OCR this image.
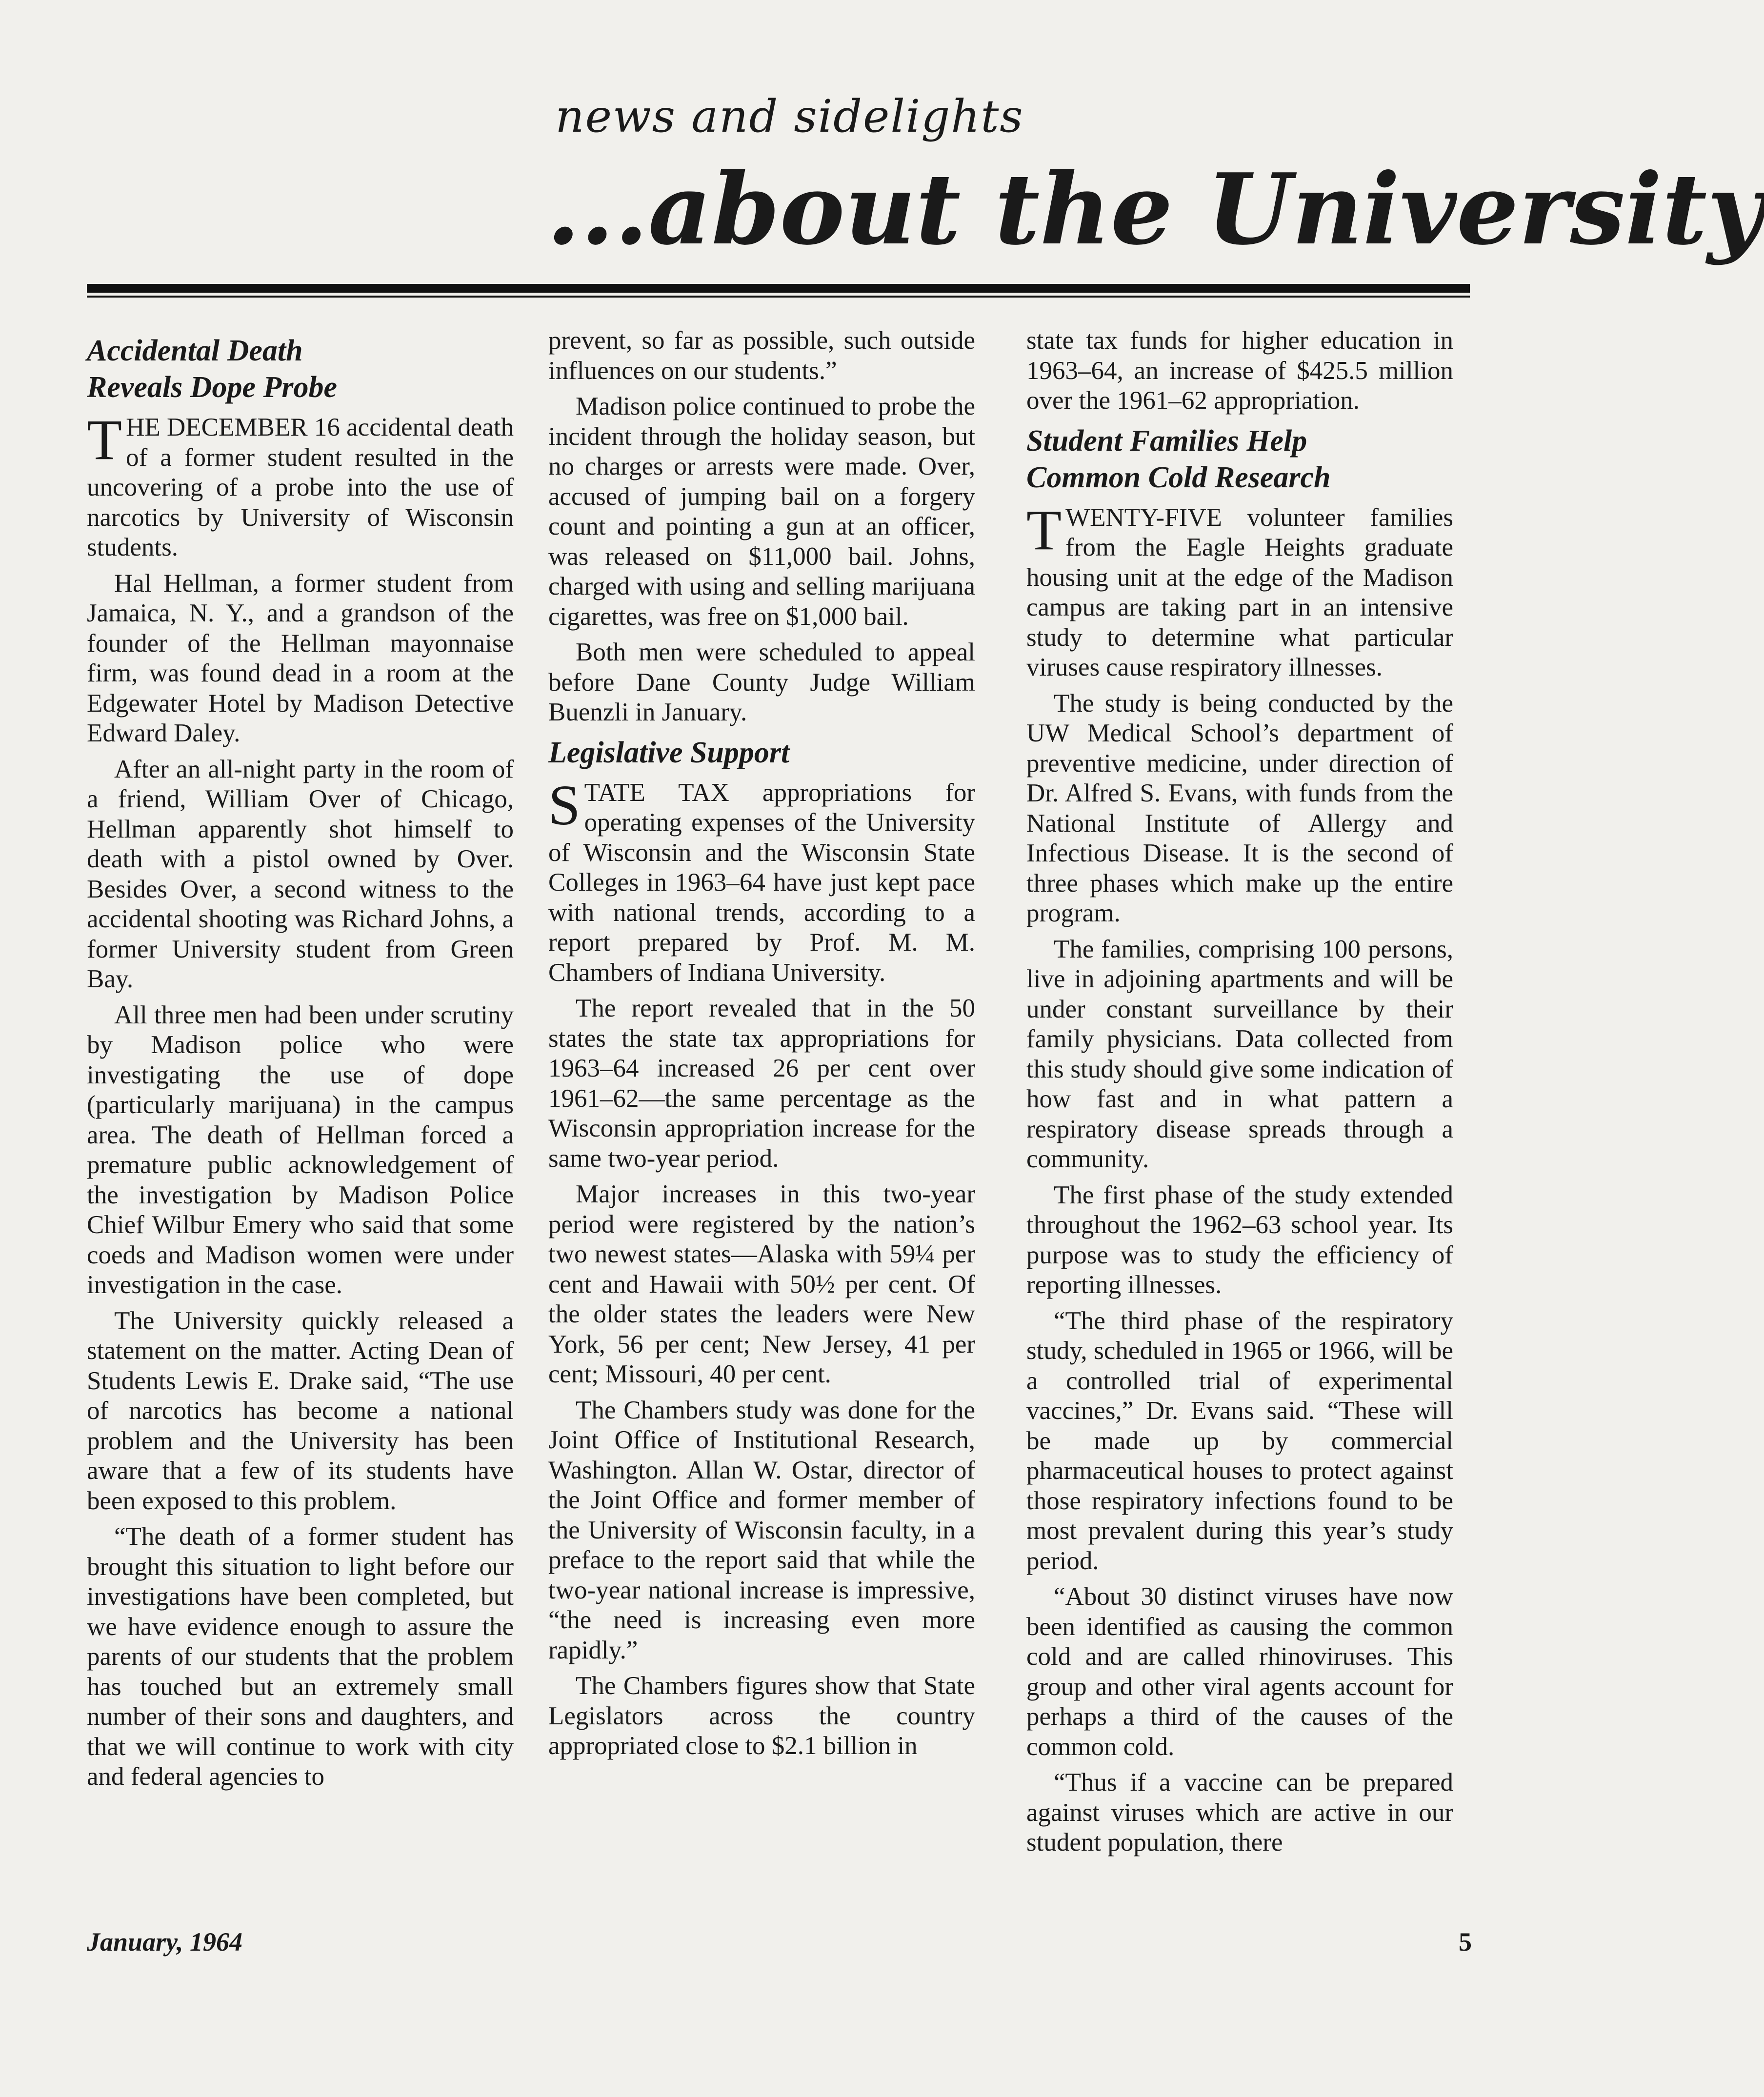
news and sidelights
...about the University
Accidental Death
Reveals Dope Probe

THE DECEMBER 16 accidental death of a former student resulted in the uncovering of a probe into the use of narcotics by University of Wisconsin students.

Hal Hellman, a former student from Jamaica, N. Y., and a grandson of the founder of the Hellman mayonnaise firm, was found dead in a room at the Edgewater Hotel by Madison Detective Edward Daley.

After an all-night party in the room of a friend, William Over of Chicago, Hellman apparently shot himself to death with a pistol owned by Over. Besides Over, a second witness to the accidental shooting was Richard Johns, a former University student from Green Bay.

All three men had been under scrutiny by Madison police who were investigating the use of dope (particularly marijuana) in the campus area. The death of Hellman forced a premature public acknowledgement of the investigation by Madison Police Chief Wilbur Emery who said that some coeds and Madison women were under investigation in the case.

The University quickly released a statement on the matter. Acting Dean of Students Lewis E. Drake said, “The use of narcotics has become a national problem and the University has been aware that a few of its students have been exposed to this problem.

“The death of a former student has brought this situation to light before our investigations have been completed, but we have evidence enough to assure the parents of our students that the problem has touched but an extremely small number of their sons and daughters, and that we will continue to work with city and federal agencies to

prevent, so far as possible, such outside influences on our students.”

Madison police continued to probe the incident through the holiday season, but no charges or arrests were made. Over, accused of jumping bail on a forgery count and pointing a gun at an officer, was released on $11,000 bail. Johns, charged with using and selling marijuana cigarettes, was free on $1,000 bail.

Both men were scheduled to appeal before Dane County Judge William Buenzli in January.

Legislative Support

STATE TAX appropriations for operating expenses of the University of Wisconsin and the Wisconsin State Colleges in 1963–64 have just kept pace with national trends, according to a report prepared by Prof. M. M. Chambers of Indiana University.

The report revealed that in the 50 states the state tax appropriations for 1963–64 increased 26 per cent over 1961–62—the same percentage as the Wisconsin appropriation increase for the same two-year period.

Major increases in this two-year period were registered by the nation’s two newest states—Alaska with 59¼ per cent and Hawaii with 50½ per cent. Of the older states the leaders were New York, 56 per cent; New Jersey, 41 per cent; Missouri, 40 per cent.

The Chambers study was done for the Joint Office of Institutional Research, Washington. Allan W. Ostar, director of the Joint Office and former member of the University of Wisconsin faculty, in a preface to the report said that while the two-year national increase is impressive, “the need is increasing even more rapidly.”

The Chambers figures show that State Legislators across the country appropriated close to $2.1 billion in

state tax funds for higher education in 1963–64, an increase of $425.5 million over the 1961–62 appropriation.

Student Families Help
Common Cold Research

TWENTY-FIVE volunteer families from the Eagle Heights graduate housing unit at the edge of the Madison campus are taking part in an intensive study to determine what particular viruses cause respiratory illnesses.

The study is being conducted by the UW Medical School’s department of preventive medicine, under direction of Dr. Alfred S. Evans, with funds from the National Institute of Allergy and Infectious Disease. It is the second of three phases which make up the entire program.

The families, comprising 100 persons, live in adjoining apartments and will be under constant surveillance by their family physicians. Data collected from this study should give some indication of how fast and in what pattern a respiratory disease spreads through a community.

The first phase of the study extended throughout the 1962–63 school year. Its purpose was to study the efficiency of reporting illnesses.

“The third phase of the respiratory study, scheduled in 1965 or 1966, will be a controlled trial of experimental vaccines,” Dr. Evans said. “These will be made up by commercial pharmaceutical houses to protect against those respiratory infections found to be most prevalent during this year’s study period.

“About 30 distinct viruses have now been identified as causing the common cold and are called rhinoviruses. This group and other viral agents account for perhaps a third of the causes of the common cold.

“Thus if a vaccine can be prepared against viruses which are active in our student population, there

January, 1964	5
